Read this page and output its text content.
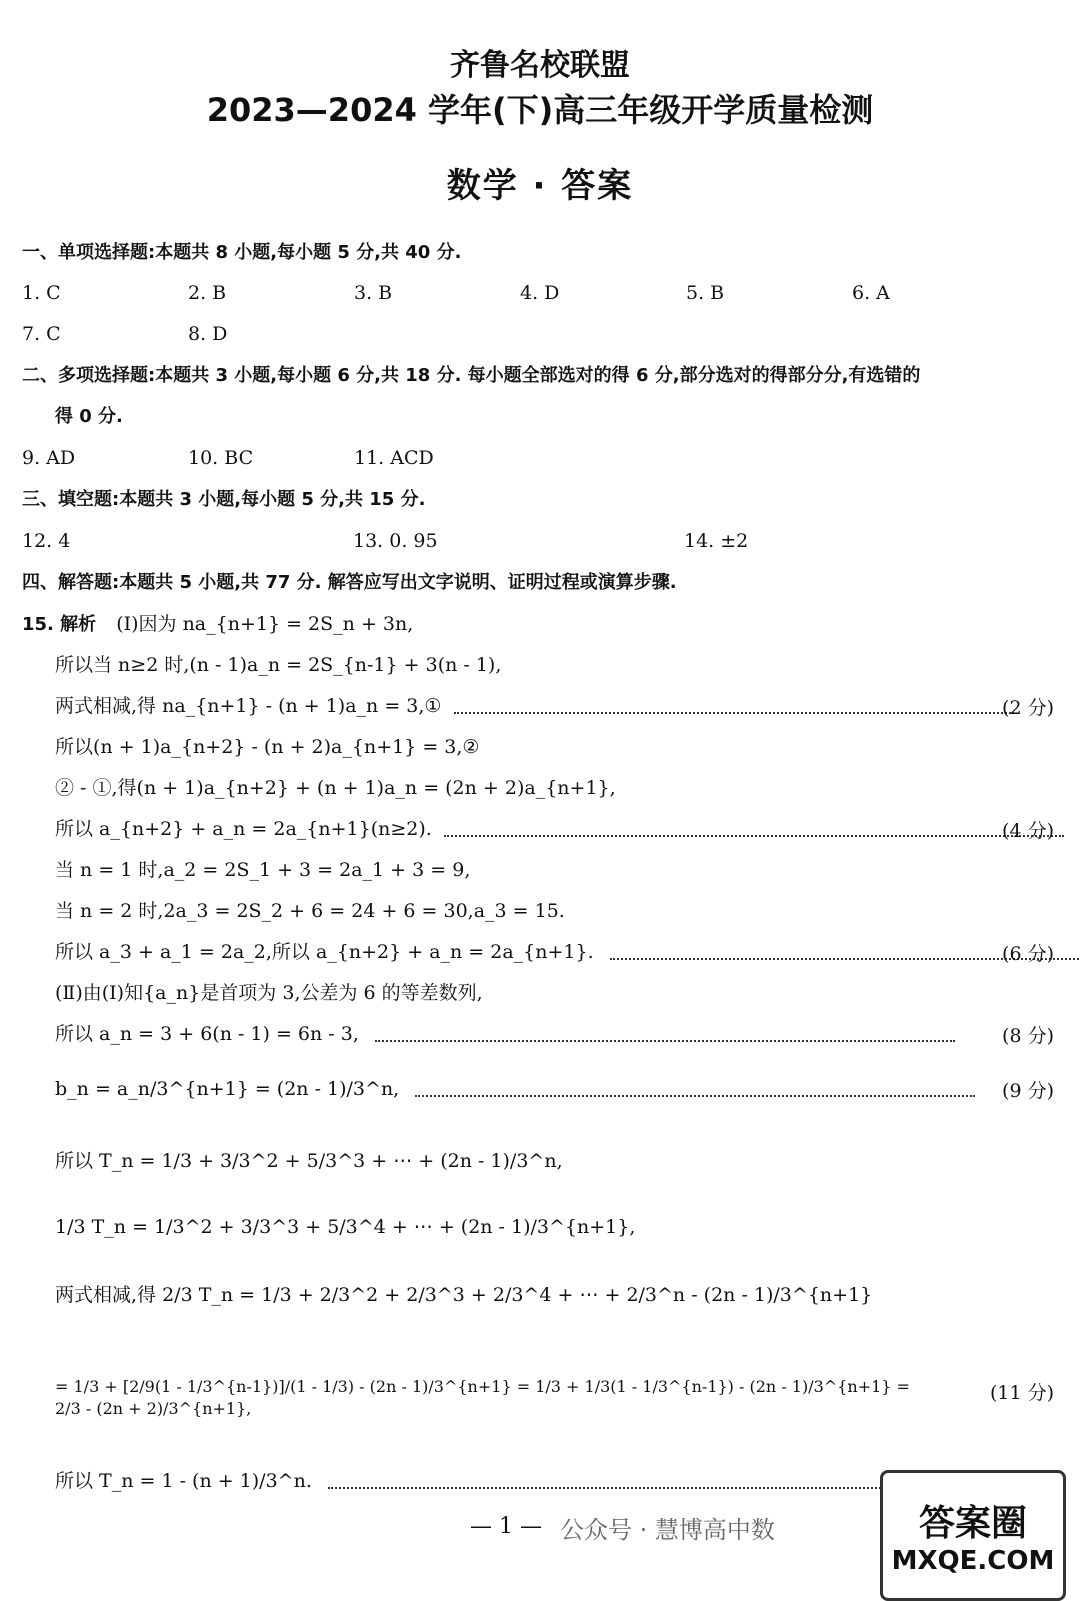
齐鲁名校联盟
2023—2024 学年(下)高三年级开学质量检测
数学 · 答案
一、单项选择题:本题共 8 小题,每小题 5 分,共 40 分.
1. C	2. B	3. B	4. D	5. B	6. A
7. C	8. D
二、多项选择题:本题共 3 小题,每小题 6 分,共 18 分. 每小题全部选对的得 6 分,部分选对的得部分分,有选错的
得 0 分.
9. AD	10. BC	11. ACD
三、填空题:本题共 3 小题,每小题 5 分,共 15 分.
12. 4	13. 0. 95	14. ±2
四、解答题:本题共 5 小题,共 77 分. 解答应写出文字说明、证明过程或演算步骤.
15. 解析 (Ⅰ)因为 na_{n+1} = 2S_n + 3n,
所以当 n≥2 时,(n - 1)a_n = 2S_{n-1} + 3(n - 1),
两式相减,得 na_{n+1} - (n + 1)a_n = 3,①	(2 分)
所以(n + 1)a_{n+2} - (n + 2)a_{n+1} = 3,②
② - ①,得(n + 1)a_{n+2} + (n + 1)a_n = (2n + 2)a_{n+1},
所以 a_{n+2} + a_n = 2a_{n+1}(n≥2).	(4 分)
当 n = 1 时,a_2 = 2S_1 + 3 = 2a_1 + 3 = 9,
当 n = 2 时,2a_3 = 2S_2 + 6 = 24 + 6 = 30,a_3 = 15.
所以 a_3 + a_1 = 2a_2,所以 a_{n+2} + a_n = 2a_{n+1}.	(6 分)
(Ⅱ)由(Ⅰ)知{a_n}是首项为 3,公差为 6 的等差数列,
所以 a_n = 3 + 6(n - 1) = 6n - 3,	(8 分)
b_n = a_n/3^{n+1} = (2n - 1)/3^n,	(9 分)
所以 T_n = 1/3 + 3/3^2 + 5/3^3 + ⋯ + (2n - 1)/3^n,
1/3 T_n = 1/3^2 + 3/3^3 + 5/3^4 + ⋯ + (2n - 1)/3^{n+1},
两式相减,得 2/3 T_n = 1/3 + 2/3^2 + 2/3^3 + 2/3^4 + ⋯ + 2/3^n - (2n - 1)/3^{n+1}
= 1/3 + [2/9(1 - 1/3^{n-1})]/(1 - 1/3) - (2n - 1)/3^{n+1} = 1/3 + 1/3(1 - 1/3^{n-1}) - (2n - 1)/3^{n+1} = 2/3 - (2n + 2)/3^{n+1},
(11 分)
所以 T_n = 1 - (n + 1)/3^n.
— 1 — 公众号 · 慧博高中数	答案圈
MXQE.COM
